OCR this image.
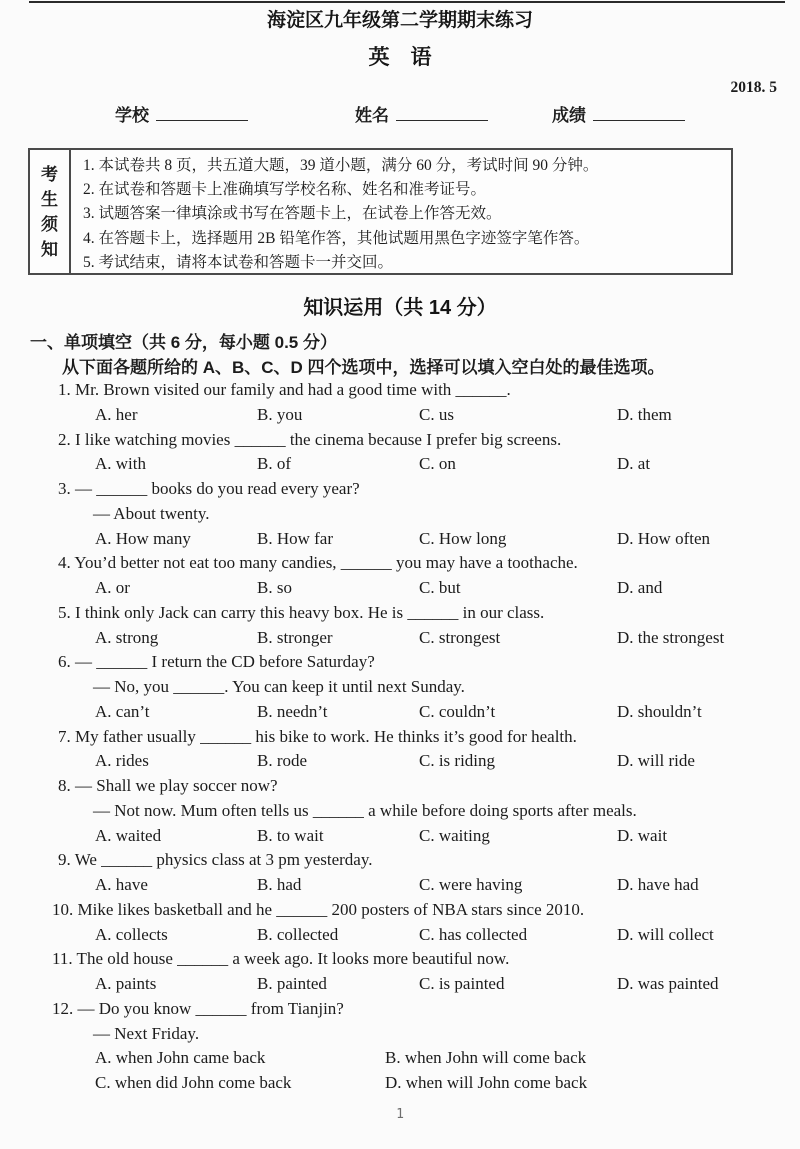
海淀区九年级第二学期期末练习
英　语
2018. 5
学校	姓名	成绩
考生须知
1. 本试卷共 8 页，共五道大题，39 道小题，满分 60 分，考试时间 90 分钟。
2. 在试卷和答题卡上准确填写学校名称、姓名和准考证号。
3. 试题答案一律填涂或书写在答题卡上，在试卷上作答无效。
4. 在答题卡上，选择题用 2B 铅笔作答，其他试题用黑色字迹签字笔作答。
5. 考试结束，请将本试卷和答题卡一并交回。
知识运用（共 14 分）
一、单项填空（共 6 分，每小题 0.5 分）
从下面各题所给的 A、B、C、D 四个选项中，选择可以填入空白处的最佳选项。
1. Mr. Brown visited our family and had a good time with ______.
A. her	B. you	C. us	D. them
2. I like watching movies ______ the cinema because I prefer big screens.
A. with	B. of	C. on	D. at
3. — ______ books do you read every year?
— About twenty.
A. How many	B. How far	C. How long	D. How often
4. You’d better not eat too many candies, ______ you may have a toothache.
A. or	B. so	C. but	D. and
5. I think only Jack can carry this heavy box. He is ______ in our class.
A. strong	B. stronger	C. strongest	D. the strongest
6. — ______ I return the CD before Saturday?
— No, you ______. You can keep it until next Sunday.
A. can’t	B. needn’t	C. couldn’t	D. shouldn’t
7. My father usually ______ his bike to work. He thinks it’s good for health.
A. rides	B. rode	C. is riding	D. will ride
8. — Shall we play soccer now?
— Not now. Mum often tells us ______ a while before doing sports after meals.
A. waited	B. to wait	C. waiting	D. wait
9. We ______ physics class at 3 pm yesterday.
A. have	B. had	C. were having	D. have had
10. Mike likes basketball and he ______ 200 posters of NBA stars since 2010.
A. collects	B. collected	C. has collected	D. will collect
11. The old house ______ a week ago. It looks more beautiful now.
A. paints	B. painted	C. is painted	D. was painted
12. — Do you know ______ from Tianjin?
— Next Friday.
A. when John came back	B. when John will come back
C. when did John come back	D. when will John come back
1
